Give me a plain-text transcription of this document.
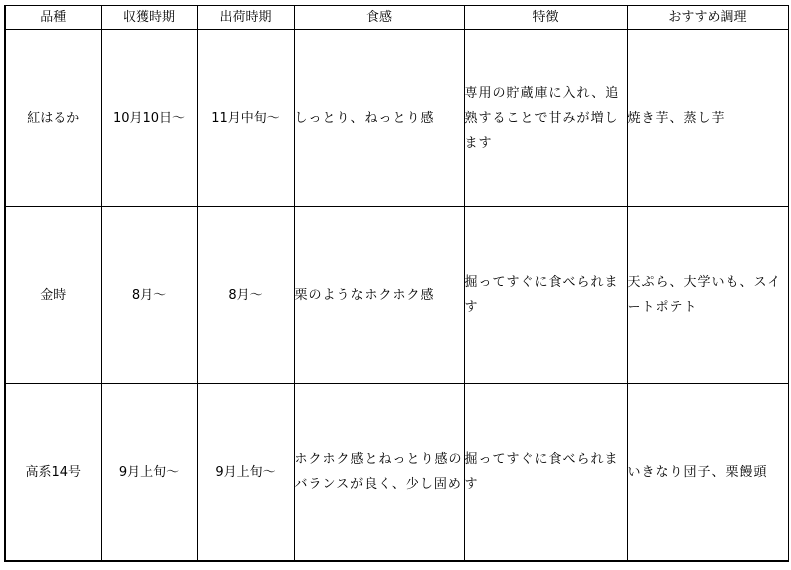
品種	収獲時期	出荷時期	食感	特徴	おすすめ調理
紅はるか	10月10日～	11月中旬～	しっとり、ねっとり感	専用の貯蔵庫に入れ、追熟することで甘みが増します	焼き芋、蒸し芋
金時	8月～	8月～	栗のようなホクホク感	掘ってすぐに食べられます	天ぷら、大学いも、スイートポテト
高系14号	9月上旬～	9月上旬～	ホクホク感とねっとり感のバランスが良く、少し固め	掘ってすぐに食べられます	いきなり団子、栗饅頭
